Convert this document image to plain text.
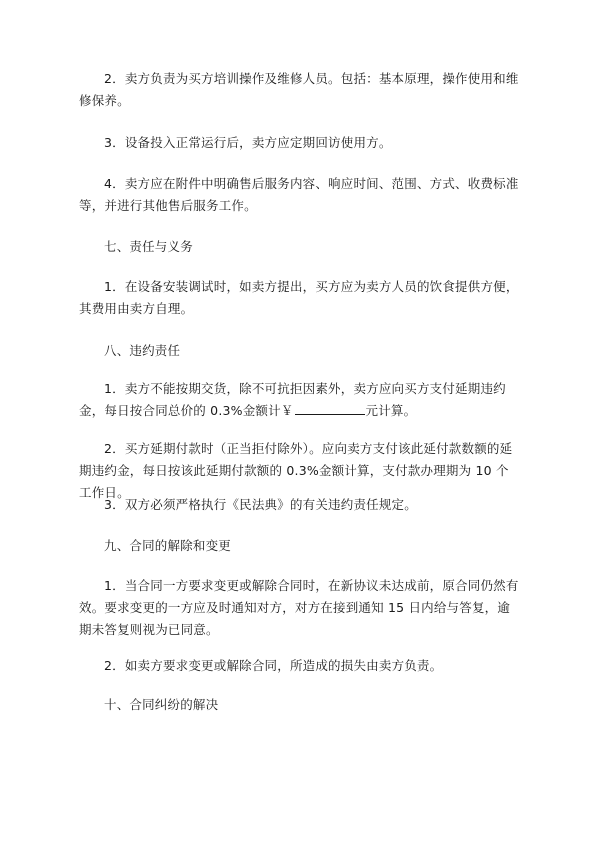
2．卖方负责为买方培训操作及维修人员。包括：基本原理，操作使用和维修保养。

3．设备投入正常运行后，卖方应定期回访使用方。

4．卖方应在附件中明确售后服务内容、响应时间、范围、方式、收费标准等，并进行其他售后服务工作。

七、责任与义务

1．在设备安装调试时，如卖方提出，买方应为卖方人员的饮食提供方便，其费用由卖方自理。

八、违约责任

1．卖方不能按期交货，除不可抗拒因素外，卖方应向买方支付延期违约金，每日按合同总价的 0.3%金额计￥	元计算。

2．买方延期付款时（正当拒付除外）。应向卖方支付该此延付款数额的延期违约金，每日按该此延期付款额的 0.3%金额计算，支付款办理期为 10 个工作日。

3．双方必须严格执行《民法典》的有关违约责任规定。

九、合同的解除和变更

1．当合同一方要求变更或解除合同时，在新协议未达成前，原合同仍然有效。要求变更的一方应及时通知对方，对方在接到通知 15 日内给与答复，逾期未答复则视为已同意。

2．如卖方要求变更或解除合同，所造成的损失由卖方负责。

十、合同纠纷的解决
